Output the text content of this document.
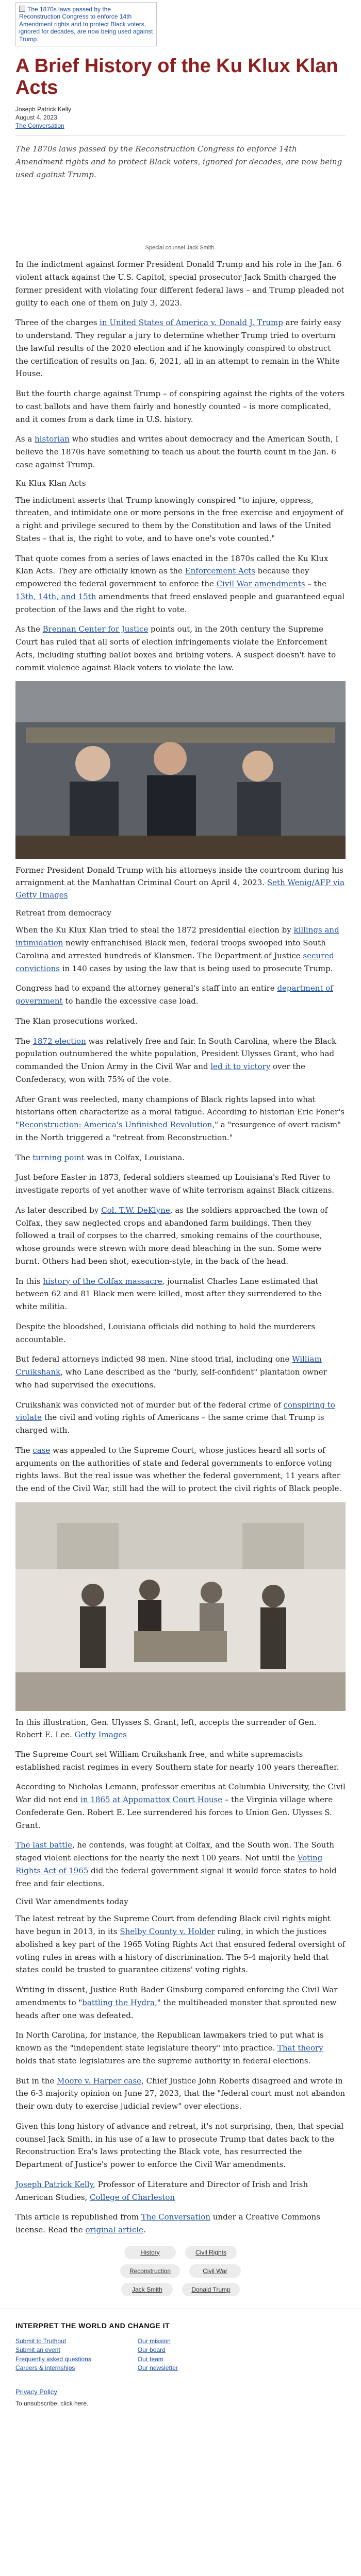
The 1870s laws passed by the Reconstruction Congress to enforce 14th Amendment rights and to protect Black voters, ignored for decades, are now being used against Trump.
A Brief History of the Ku Klux Klan Acts
Joseph Patrick Kelly
August 4, 2023
The Conversation

The 1870s laws passed by the Reconstruction Congress to enforce 14th Amendment rights and to protect Black voters, ignored for decades, are now being used against Trump.

Special counsel Jack Smith.

In the indictment against former President Donald Trump and his role in the Jan. 6 violent attack against the U.S. Capitol, special prosecutor Jack Smith charged the former president with violating four different federal laws – and Trump pleaded not guilty to each one of them on July 3, 2023.

Three of the charges in United States of America v. Donald J. Trump are fairly easy to understand. They regular a jury to determine whether Trump tried to overturn the lawful results of the 2020 election and if he knowingly conspired to obstruct the certification of results on Jan. 6, 2021, all in an attempt to remain in the White House.

But the fourth charge against Trump – of conspiring against the rights of the voters to cast ballots and have them fairly and honestly counted – is more complicated, and it comes from a dark time in U.S. history.

As a historian who studies and writes about democracy and the American South, I believe the 1870s have something to teach us about the fourth count in the Jan. 6 case against Trump.

Ku Klux Klan Acts

The indictment asserts that Trump knowingly conspired "to injure, oppress, threaten, and intimidate one or more persons in the free exercise and enjoyment of a right and privilege secured to them by the Constitution and laws of the United States – that is, the right to vote, and to have one's vote counted."

That quote comes from a series of laws enacted in the 1870s called the Ku Klux Klan Acts. They are officially known as the Enforcement Acts because they empowered the federal government to enforce the Civil War amendments – the 13th, 14th, and 15th amendments that freed enslaved people and guaranteed equal protection of the laws and the right to vote.

As the Brennan Center for Justice points out, in the 20th century the Supreme Court has ruled that all sorts of election infringements violate the Enforcement Acts, including stuffing ballot boxes and bribing voters. A suspect doesn't have to commit violence against Black voters to violate the law.

Former President Donald Trump with his attorneys inside the courtroom during his arraignment at the Manhattan Criminal Court on April 4, 2023. Seth Wenig/AFP via Getty Images

Retreat from democracy

When the Ku Klux Klan tried to steal the 1872 presidential election by killings and intimidation newly enfranchised Black men, federal troops swooped into South Carolina and arrested hundreds of Klansmen. The Department of Justice secured convictions in 140 cases by using the law that is being used to prosecute Trump.

Congress had to expand the attorney general's staff into an entire department of government to handle the excessive case load.

The Klan prosecutions worked.

The 1872 election was relatively free and fair. In South Carolina, where the Black population outnumbered the white population, President Ulysses Grant, who had commanded the Union Army in the Civil War and led it to victory over the Confederacy, won with 75% of the vote.

After Grant was reelected, many champions of Black rights lapsed into what historians often characterize as a moral fatigue. According to historian Eric Foner's "Reconstruction: America's Unfinished Revolution," a "resurgence of overt racism" in the North triggered a "retreat from Reconstruction."

The turning point was in Colfax, Louisiana.

Just before Easter in 1873, federal soldiers steamed up Louisiana's Red River to investigate reports of yet another wave of white terrorism against Black citizens.

As later described by Col. T.W. DeKlyne, as the soldiers approached the town of Colfax, they saw neglected crops and abandoned farm buildings. Then they followed a trail of corpses to the charred, smoking remains of the courthouse, whose grounds were strewn with more dead bleaching in the sun. Some were burnt. Others had been shot, execution-style, in the back of the head.

In this history of the Colfax massacre, journalist Charles Lane estimated that between 62 and 81 Black men were killed, most after they surrendered to the white militia.

Despite the bloodshed, Louisiana officials did nothing to hold the murderers accountable.

But federal attorneys indicted 98 men. Nine stood trial, including one William Cruikshank, who Lane described as the "burly, self-confident" plantation owner who had supervised the executions.

Cruikshank was convicted not of murder but of the federal crime of conspiring to violate the civil and voting rights of Americans – the same crime that Trump is charged with.

The case was appealed to the Supreme Court, whose justices heard all sorts of arguments on the authorities of state and federal governments to enforce voting rights laws. But the real issue was whether the federal government, 11 years after the end of the Civil War, still had the will to protect the civil rights of Black people.

In this illustration, Gen. Ulysses S. Grant, left, accepts the surrender of Gen. Robert E. Lee. Getty Images

The Supreme Court set William Cruikshank free, and white supremacists established racist regimes in every Southern state for nearly 100 years thereafter.

According to Nicholas Lemann, professor emeritus at Columbia University, the Civil War did not end in 1865 at Appomattox Court House – the Virginia village where Confederate Gen. Robert E. Lee surrendered his forces to Union Gen. Ulysses S. Grant.

The last battle, he contends, was fought at Colfax, and the South won. The South staged violent elections for the nearly the next 100 years. Not until the Voting Rights Act of 1965 did the federal government signal it would force states to hold free and fair elections.

Civil War amendments today

The latest retreat by the Supreme Court from defending Black civil rights might have begun in 2013, in its Shelby County v. Holder ruling, in which the justices abolished a key part of the 1965 Voting Rights Act that ensured federal oversight of voting rules in areas with a history of discrimination. The 5-4 majority held that states could be trusted to guarantee citizens' voting rights.

Writing in dissent, Justice Ruth Bader Ginsburg compared enforcing the Civil War amendments to "battling the Hydra," the multiheaded monster that sprouted new heads after one was defeated.

In North Carolina, for instance, the Republican lawmakers tried to put what is known as the "independent state legislature theory" into practice. That theory holds that state legislatures are the supreme authority in federal elections.

But in the Moore v. Harper case, Chief Justice John Roberts disagreed and wrote in the 6-3 majority opinion on June 27, 2023, that the "federal court must not abandon their own duty to exercise judicial review" over elections.

Given this long history of advance and retreat, it's not surprising, then, that special counsel Jack Smith, in his use of a law to prosecute Trump that dates back to the Reconstruction Era's laws protecting the Black vote, has resurrected the Department of Justice's power to enforce the Civil War amendments.

Joseph Patrick Kelly, Professor of Literature and Director of Irish and Irish American Studies, College of Charleston

This article is republished from The Conversation under a Creative Commons license. Read the original article.

History	Civil Rights
Reconstruction	Civil War
Jack Smith	Donald Trump
INTERPRET THE WORLD AND CHANGE IT
Submit to Truthout
Submit an event
Frequently asked questions
Careers & internships
Our mission
Our board
Our team
Our newsletter
Privacy Policy
To unsubscribe, click here.
